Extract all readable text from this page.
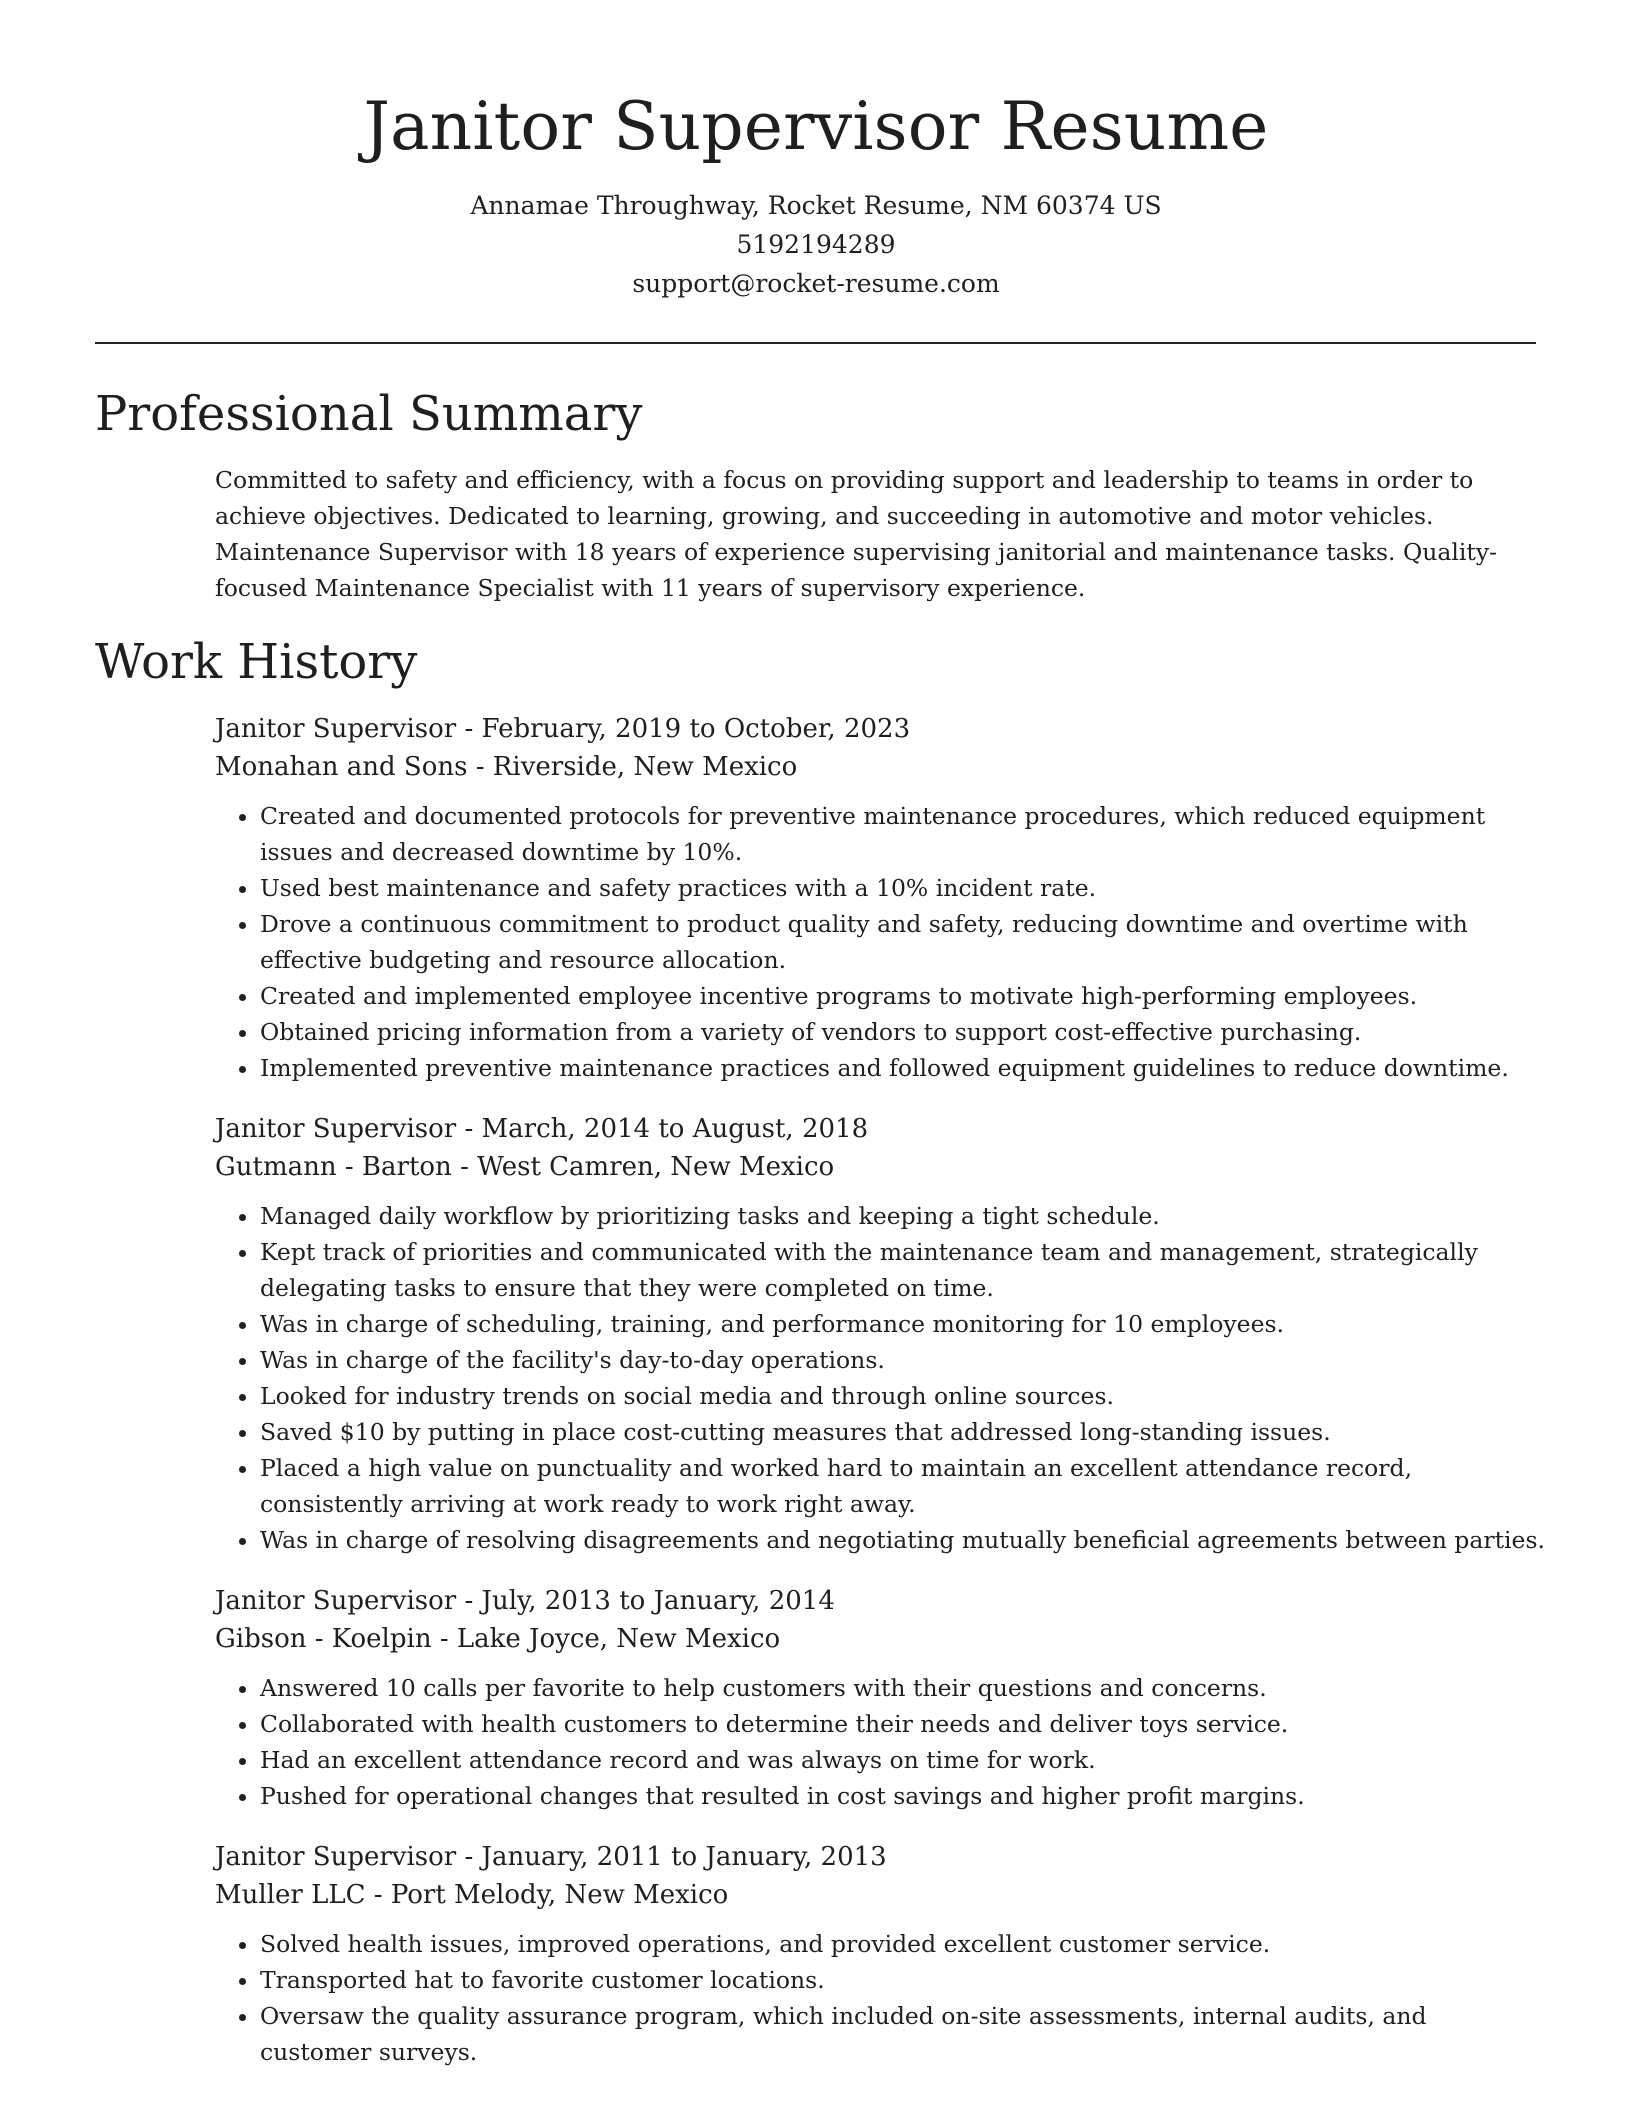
Janitor Supervisor Resume
Annamae Throughway, Rocket Resume, NM 60374 US
5192194289
support@rocket-resume.com
Professional Summary

Committed to safety and efficiency, with a focus on providing support and leadership to teams in order to achieve objectives. Dedicated to learning, growing, and succeeding in automotive and motor vehicles. Maintenance Supervisor with 18 years of experience supervising janitorial and maintenance tasks. Quality-focused Maintenance Specialist with 11 years of supervisory experience.

Work History
Janitor Supervisor - February, 2019 to October, 2023
Monahan and Sons - Riverside, New Mexico
• Created and documented protocols for preventive maintenance procedures, which reduced equipment issues and decreased downtime by 10%.
• Used best maintenance and safety practices with a 10% incident rate.
• Drove a continuous commitment to product quality and safety, reducing downtime and overtime with effective budgeting and resource allocation.
• Created and implemented employee incentive programs to motivate high-performing employees.
• Obtained pricing information from a variety of vendors to support cost-effective purchasing.
• Implemented preventive maintenance practices and followed equipment guidelines to reduce downtime.
Janitor Supervisor - March, 2014 to August, 2018
Gutmann - Barton - West Camren, New Mexico
• Managed daily workflow by prioritizing tasks and keeping a tight schedule.
• Kept track of priorities and communicated with the maintenance team and management, strategically delegating tasks to ensure that they were completed on time.
• Was in charge of scheduling, training, and performance monitoring for 10 employees.
• Was in charge of the facility's day-to-day operations.
• Looked for industry trends on social media and through online sources.
• Saved $10 by putting in place cost-cutting measures that addressed long-standing issues.
• Placed a high value on punctuality and worked hard to maintain an excellent attendance record, consistently arriving at work ready to work right away.
• Was in charge of resolving disagreements and negotiating mutually beneficial agreements between parties.
Janitor Supervisor - July, 2013 to January, 2014
Gibson - Koelpin - Lake Joyce, New Mexico
• Answered 10 calls per favorite to help customers with their questions and concerns.
• Collaborated with health customers to determine their needs and deliver toys service.
• Had an excellent attendance record and was always on time for work.
• Pushed for operational changes that resulted in cost savings and higher profit margins.
Janitor Supervisor - January, 2011 to January, 2013
Muller LLC - Port Melody, New Mexico
• Solved health issues, improved operations, and provided excellent customer service.
• Transported hat to favorite customer locations.
• Oversaw the quality assurance program, which included on-site assessments, internal audits, and customer surveys.
